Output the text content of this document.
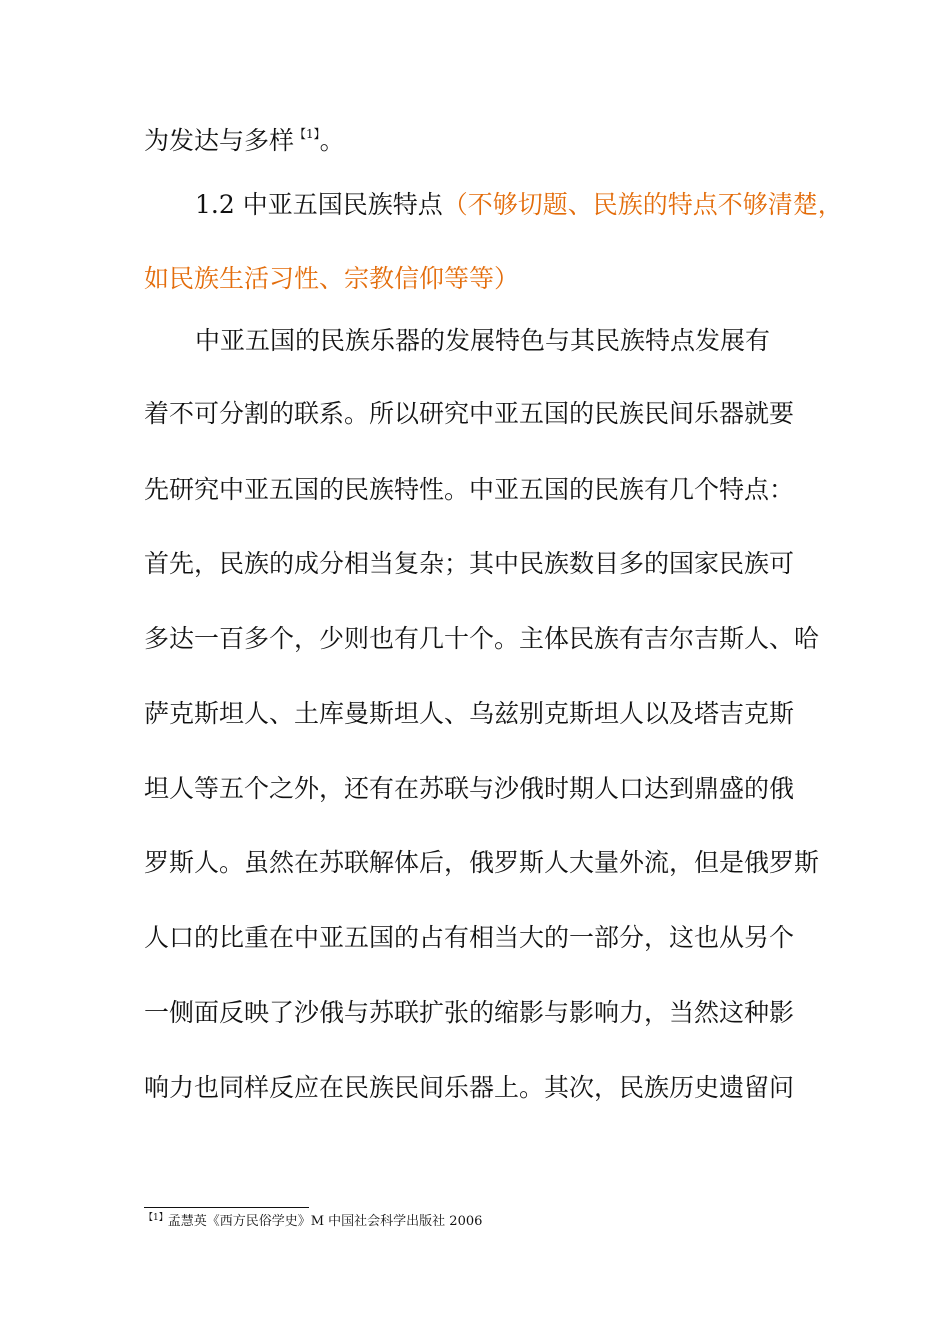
为发达与多样$^{【1】}$。
1.2 中亚五国民族特点（不够切题、民族的特点不够清楚，
如民族生活习性、宗教信仰等等）
中亚五国的民族乐器的发展特色与其民族特点发展有
着不可分割的联系。所以研究中亚五国的民族民间乐器就要
先研究中亚五国的民族特性。中亚五国的民族有几个特点：
首先，民族的成分相当复杂；其中民族数目多的国家民族可
多达一百多个，少则也有几十个。主体民族有吉尔吉斯人、哈
萨克斯坦人、土库曼斯坦人、乌兹别克斯坦人以及塔吉克斯
坦人等五个之外，还有在苏联与沙俄时期人口达到鼎盛的俄
罗斯人。虽然在苏联解体后，俄罗斯人大量外流，但是俄罗斯
人口的比重在中亚五国的占有相当大的一部分，这也从另个
一侧面反映了沙俄与苏联扩张的缩影与影响力，当然这种影
响力也同样反应在民族民间乐器上。其次，民族历史遗留问
$^{【1】}$孟慧英《西方民俗学史》M 中国社会科学出版社 2006
